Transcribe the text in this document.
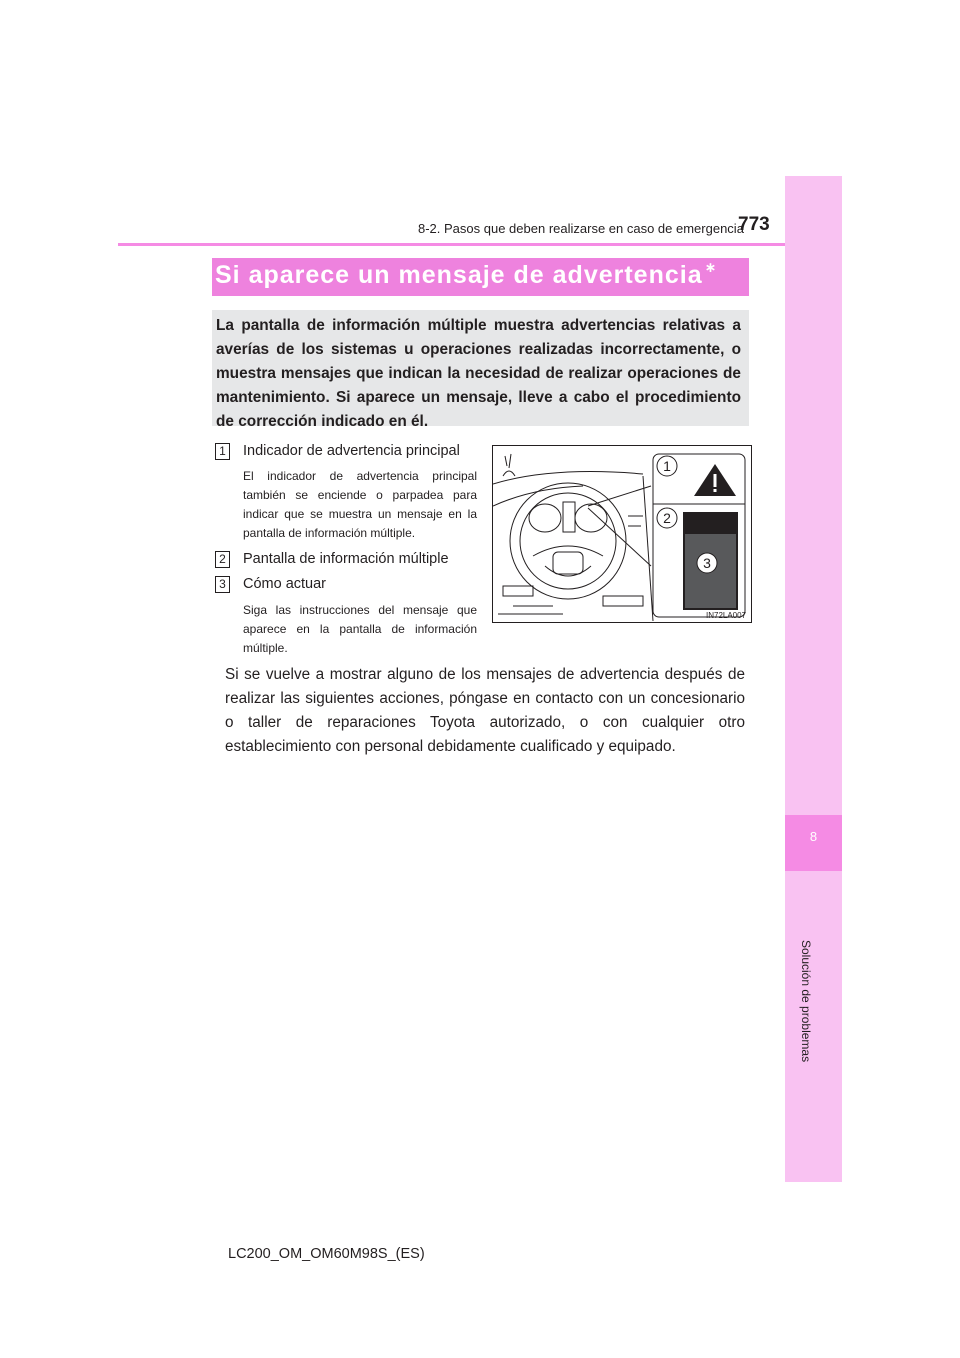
8
Solución de problemas
8-2. Pasos que deben realizarse en caso de emergencia
773
Si aparece un mensaje de advertencia ∗
La pantalla de información múltiple muestra advertencias relativas a averías de los sistemas u operaciones realizadas incorrectamente, o muestra mensajes que indican la necesidad de realizar operaciones de mantenimiento. Si aparece un mensaje, lleve a cabo el procedimiento de corrección indicado en él.
1 Indicador de advertencia principal
El indicador de advertencia principal también se enciende o parpadea para indicar que se muestra un mensaje en la pantalla de información múltiple.
2 Pantalla de información múltiple
3 Cómo actuar
Siga las instrucciones del mensaje que aparece en la pantalla de información múltiple.
1
2
3
IN72LA007
Si se vuelve a mostrar alguno de los mensajes de advertencia después de realizar las siguientes acciones, póngase en contacto con un concesionario o taller de reparaciones Toyota autorizado, o con cualquier otro establecimiento con personal debidamente cualificado y equipado.
LC200_OM_OM60M98S_(ES)
